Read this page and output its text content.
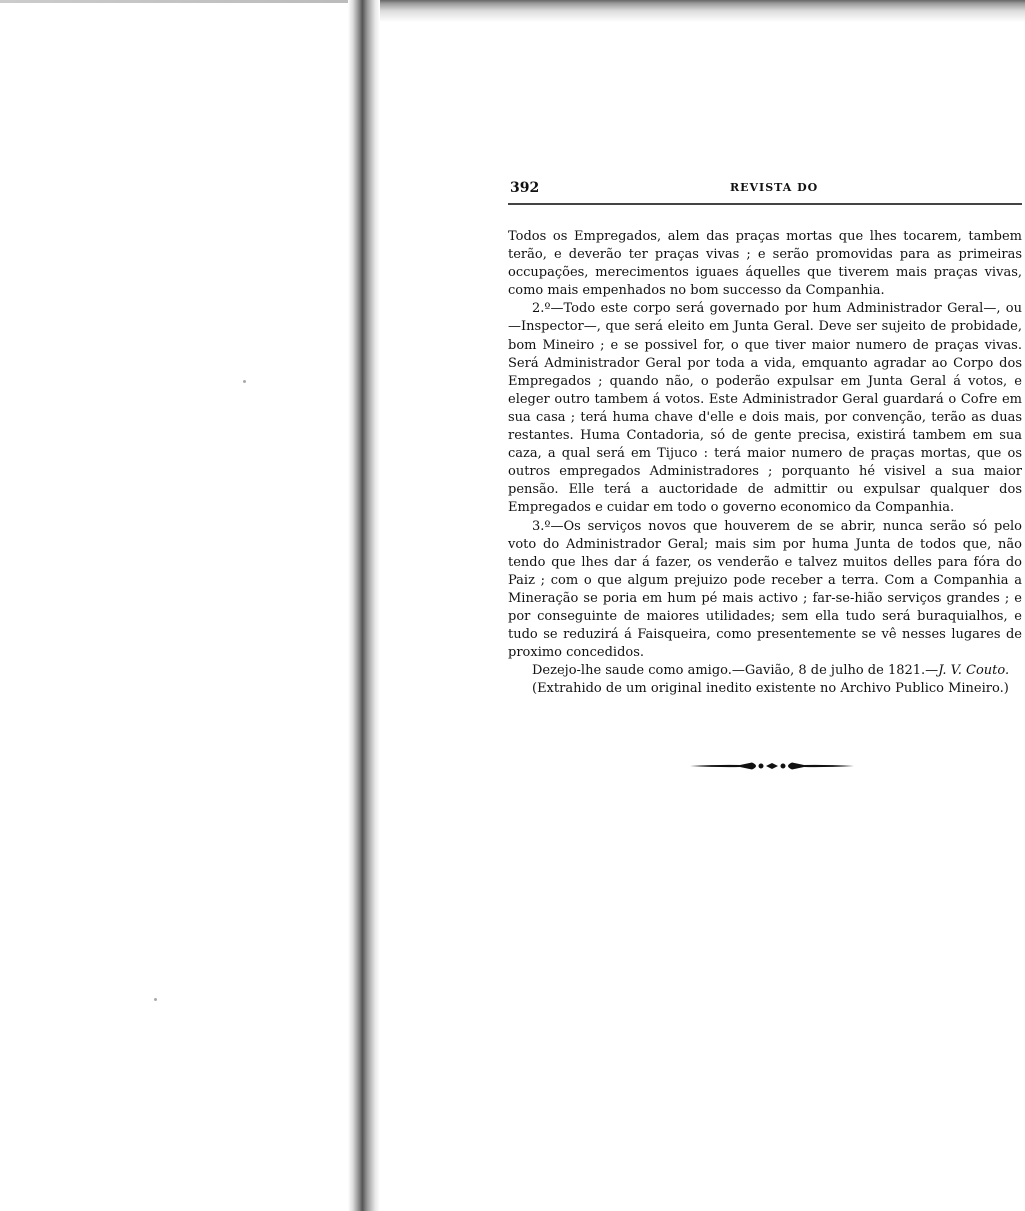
392	REVISTA DO

Todos os Empregados, alem das praças mortas que lhes tocarem, tambem terão, e deverão ter praças vivas ; e serão promovidas para as primeiras occupações, merecimentos iguaes áquelles que tiverem mais praças vivas, como mais empenhados no bom successo da Companhia.

2.º—Todo este corpo será governado por hum Administrador Geral—, ou—Inspector—, que será eleito em Junta Geral. Deve ser sujeito de probidade, bom Mineiro ; e se possivel for, o que tiver maior numero de praças vivas. Será Administrador Geral por toda a vida, emquanto agradar ao Corpo dos Empregados ; quando não, o poderão expulsar em Junta Geral á votos, e eleger outro tambem á votos. Este Administrador Geral guardará o Cofre em sua casa ; terá huma chave d'elle e dois mais, por convenção, terão as duas restantes. Huma Contadoria, só de gente precisa, existirá tambem em sua caza, a qual será em Tijuco : terá maior numero de praças mortas, que os outros empregados Administradores ; porquanto hé visivel a sua maior pensão. Elle terá a auctoridade de admittir ou expulsar qualquer dos Empregados e cuidar em todo o governo economico da Companhia.

3.º—Os serviços novos que houverem de se abrir, nunca serão só pelo voto do Administrador Geral; mais sim por huma Junta de todos que, não tendo que lhes dar á fazer, os venderão e talvez muitos delles para fóra do Paiz ; com o que algum prejuizo pode receber a terra. Com a Companhia a Mineração se poria em hum pé mais activo ; far-se-hião serviços grandes ; e por conseguinte de maiores utilidades; sem ella tudo será buraquialhos, e tudo se reduzirá á Faisqueira, como presentemente se vê nesses lugares de proximo concedidos.

Dezejo-lhe saude como amigo.—Gavião, 8 de julho de 1821.—J. V. Couto.

(Extrahido de um original inedito existente no Archivo Publico Mineiro.)
